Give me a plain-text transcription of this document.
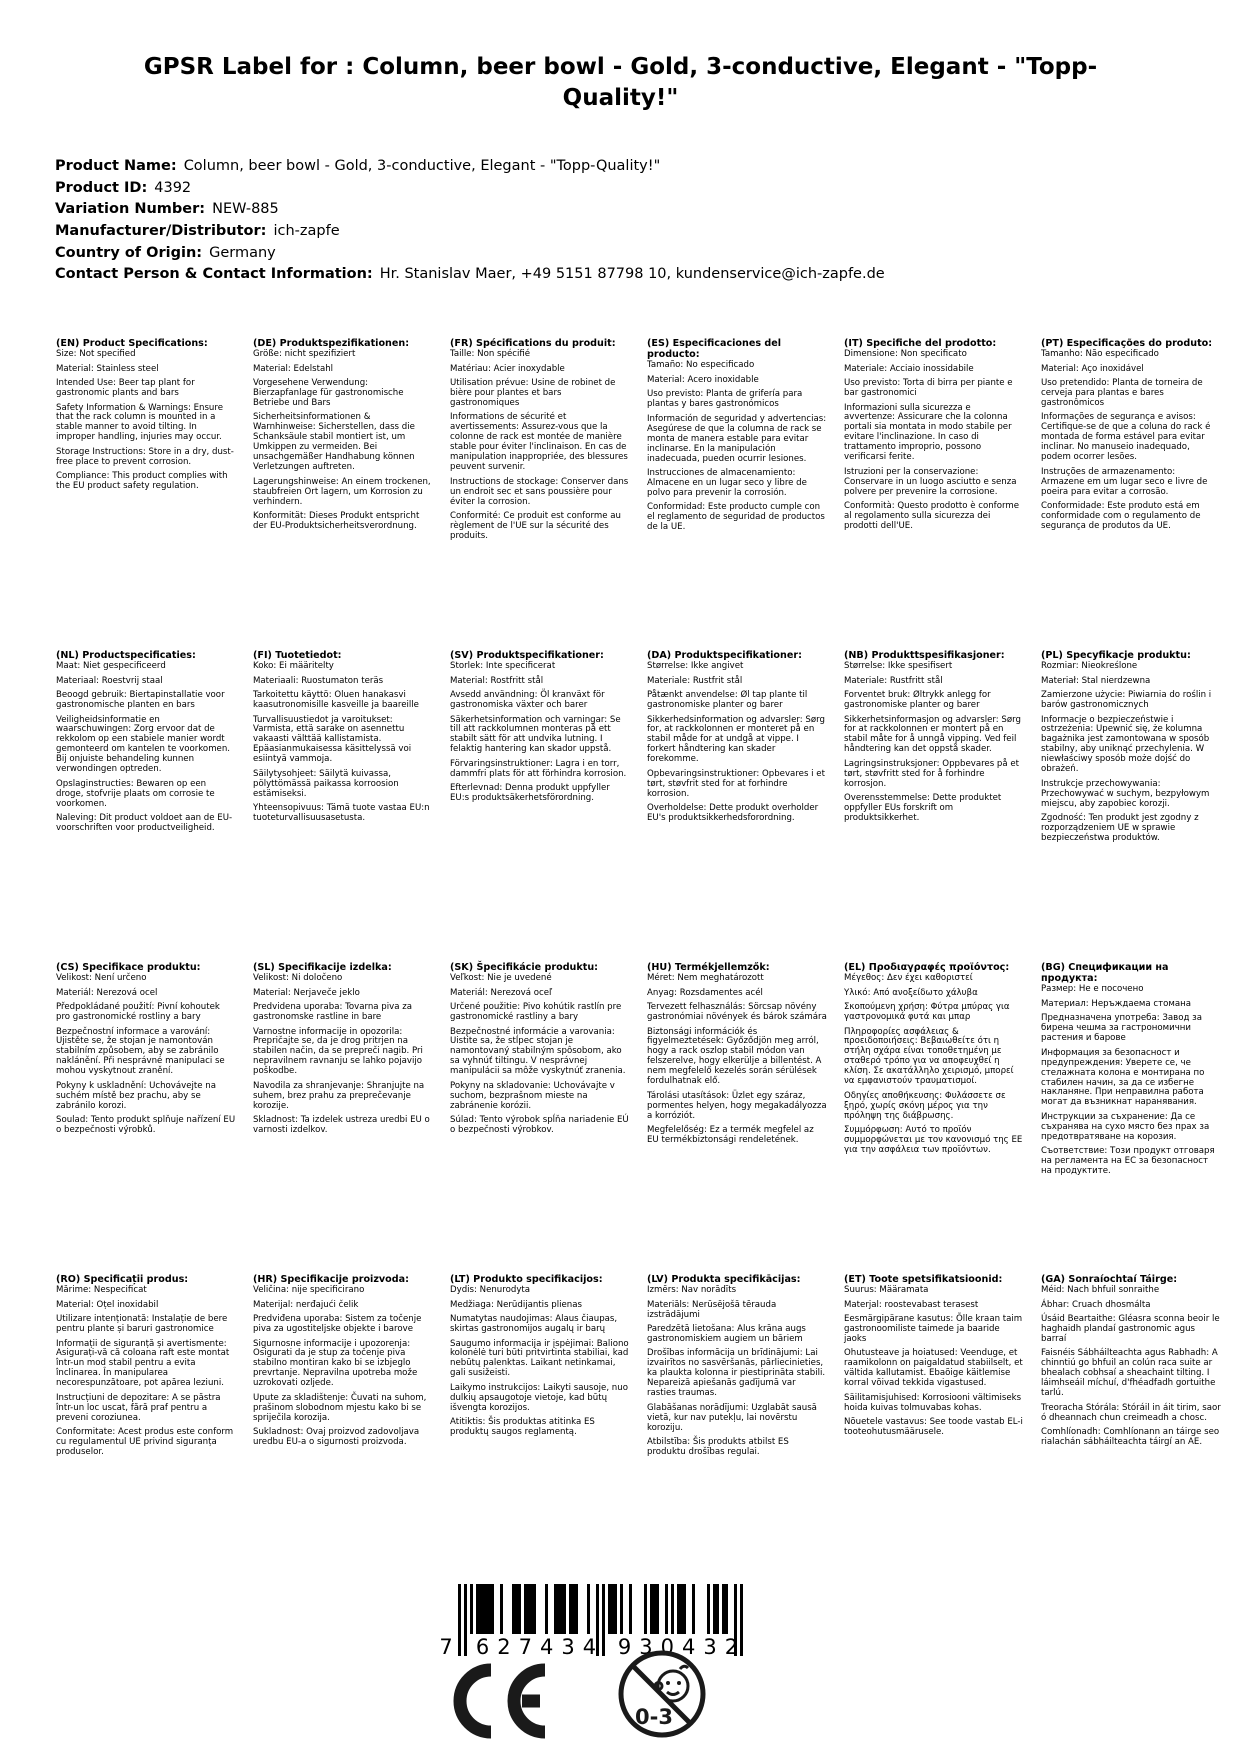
GPSR Label for : Column, beer bowl - Gold, 3-conductive, Elegant - "Topp-Quality!"
Product Name: Column, beer bowl - Gold, 3-conductive, Elegant - "Topp-Quality!"
Product ID: 4392
Variation Number: NEW-885
Manufacturer/Distributor: ich-zapfe
Country of Origin: Germany
Contact Person & Contact Information: Hr. Stanislav Maer, +49 5151 87798 10, kundenservice@ich-zapfe.de
(EN) Product Specifications:

Size: Not specified

Material: Stainless steel

Intended Use: Beer tap plant for gastronomic plants and bars

Safety Information & Warnings: Ensure that the rack column is mounted in a stable manner to avoid tilting. In improper handling, injuries may occur.

Storage Instructions: Store in a dry, dust-free place to prevent corrosion.

Compliance: This product complies with the EU product safety regulation.

(DE) Produktspezifikationen:

Größe: nicht spezifiziert

Material: Edelstahl

Vorgesehene Verwendung: Bierzapfanlage für gastronomische Betriebe und Bars

Sicherheitsinformationen & Warnhinweise: Sicherstellen, dass die Schanksäule stabil montiert ist, um Umkippen zu vermeiden. Bei unsachgemäßer Handhabung können Verletzungen auftreten.

Lagerungshinweise: An einem trockenen, staubfreien Ort lagern, um Korrosion zu verhindern.

Konformität: Dieses Produkt entspricht der EU-Produktsicherheitsverordnung.

(FR) Spécifications du produit:

Taille: Non spécifié

Matériau: Acier inoxydable

Utilisation prévue: Usine de robinet de bière pour plantes et bars gastronomiques

Informations de sécurité et avertissements: Assurez-vous que la colonne de rack est montée de manière stable pour éviter l'inclinaison. En cas de manipulation inappropriée, des blessures peuvent survenir.

Instructions de stockage: Conserver dans un endroit sec et sans poussière pour éviter la corrosion.

Conformité: Ce produit est conforme au règlement de l'UE sur la sécurité des produits.

(ES) Especificaciones del producto:

Tamaño: No especificado

Material: Acero inoxidable

Uso previsto: Planta de grifería para plantas y bares gastronómicos

Información de seguridad y advertencias: Asegúrese de que la columna de rack se monta de manera estable para evitar inclinarse. En la manipulación inadecuada, pueden ocurrir lesiones.

Instrucciones de almacenamiento: Almacene en un lugar seco y libre de polvo para prevenir la corrosión.

Conformidad: Este producto cumple con el reglamento de seguridad de productos de la UE.

(IT) Specifiche del prodotto:

Dimensione: Non specificato

Materiale: Acciaio inossidabile

Uso previsto: Torta di birra per piante e bar gastronomici

Informazioni sulla sicurezza e avvertenze: Assicurare che la colonna portali sia montata in modo stabile per evitare l'inclinazione. In caso di trattamento improprio, possono verificarsi ferite.

Istruzioni per la conservazione: Conservare in un luogo asciutto e senza polvere per prevenire la corrosione.

Conformità: Questo prodotto è conforme al regolamento sulla sicurezza dei prodotti dell'UE.

(PT) Especificações do produto:

Tamanho: Não especificado

Material: Aço inoxidável

Uso pretendido: Planta de torneira de cerveja para plantas e bares gastronômicos

Informações de segurança e avisos: Certifique-se de que a coluna do rack é montada de forma estável para evitar inclinar. No manuseio inadequado, podem ocorrer lesões.

Instruções de armazenamento: Armazene em um lugar seco e livre de poeira para evitar a corrosão.

Conformidade: Este produto está em conformidade com o regulamento de segurança de produtos da UE.

(NL) Productspecificaties:

Maat: Niet gespecificeerd

Materiaal: Roestvrij staal

Beoogd gebruik: Biertapinstallatie voor gastronomische planten en bars

Veiligheidsinformatie en waarschuwingen: Zorg ervoor dat de rekkolom op een stabiele manier wordt gemonteerd om kantelen te voorkomen. Bij onjuiste behandeling kunnen verwondingen optreden.

Opslaginstructies: Bewaren op een droge, stofvrije plaats om corrosie te voorkomen.

Naleving: Dit product voldoet aan de EU-voorschriften voor productveiligheid.

(FI) Tuotetiedot:

Koko: Ei määritelty

Materiaali: Ruostumaton teräs

Tarkoitettu käyttö: Oluen hanakasvi kaasutronomisille kasveille ja baareille

Turvallisuustiedot ja varoitukset: Varmista, että sarake on asennettu vakaasti välttää kallistamista. Epäasianmukaisessa käsittelyssä voi esiintyä vammoja.

Säilytysohjeet: Säilytä kuivassa, pölyttömässä paikassa korroosion estämiseksi.

Yhteensopivuus: Tämä tuote vastaa EU:n tuoteturvallisuusasetusta.

(SV) Produktspecifikationer:

Storlek: Inte specificerat

Material: Rostfritt stål

Avsedd användning: Öl kranväxt för gastronomiska växter och barer

Säkerhetsinformation och varningar: Se till att rackkolumnen monteras på ett stabilt sätt för att undvika lutning. I felaktig hantering kan skador uppstå.

Förvaringsinstruktioner: Lagra i en torr, dammfri plats för att förhindra korrosion.

Efterlevnad: Denna produkt uppfyller EU:s produktsäkerhetsförordning.

(DA) Produktspecifikationer:

Størrelse: Ikke angivet

Materiale: Rustfrit stål

Påtænkt anvendelse: Øl tap plante til gastronomiske planter og barer

Sikkerhedsinformation og advarsler: Sørg for, at rackkolonnen er monteret på en stabil måde for at undgå at vippe. I forkert håndtering kan skader forekomme.

Opbevaringsinstruktioner: Opbevares i et tørt, støvfrit sted for at forhindre korrosion.

Overholdelse: Dette produkt overholder EU's produktsikkerhedsforordning.

(NB) Produkttspesifikasjoner:

Størrelse: Ikke spesifisert

Materiale: Rustfritt stål

Forventet bruk: Øltrykk anlegg for gastronomiske planter og barer

Sikkerhetsinformasjon og advarsler: Sørg for at rackkolonnen er montert på en stabil måte for å unngå vipping. Ved feil håndtering kan det oppstå skader.

Lagringsinstruksjoner: Oppbevares på et tørt, støvfritt sted for å forhindre korrosjon.

Overensstemmelse: Dette produktet oppfyller EUs forskrift om produktsikkerhet.

(PL) Specyfikacje produktu:

Rozmiar: Nieokreślone

Materiał: Stal nierdzewna

Zamierzone użycie: Piwiarnia do roślin i barów gastronomicznych

Informacje o bezpieczeństwie i ostrzeżenia: Upewnić się, że kolumna bagażnika jest zamontowana w sposób stabilny, aby uniknąć przechylenia. W niewłaściwy sposób może dojść do obrażeń.

Instrukcje przechowywania: Przechowywać w suchym, bezpyłowym miejscu, aby zapobiec korozji.

Zgodność: Ten produkt jest zgodny z rozporządzeniem UE w sprawie bezpieczeństwa produktów.

(CS) Specifikace produktu:

Velikost: Není určeno

Materiál: Nerezová ocel

Předpokládané použití: Pivní kohoutek pro gastronomické rostliny a bary

Bezpečnostní informace a varování: Ujistěte se, že stojan je namontován stabilním způsobem, aby se zabránilo naklánění. Při nesprávné manipulaci se mohou vyskytnout zranění.

Pokyny k uskladnění: Uchovávejte na suchém místě bez prachu, aby se zabránilo korozi.

Soulad: Tento produkt splňuje nařízení EU o bezpečnosti výrobků.

(SL) Specifikacije izdelka:

Velikost: Ni določeno

Material: Nerjaveče jeklo

Predvidena uporaba: Tovarna piva za gastronomske rastline in bare

Varnostne informacije in opozorila: Prepričajte se, da je drog pritrjen na stabilen način, da se prepreči nagib. Pri nepravilnem ravnanju se lahko pojavijo poškodbe.

Navodila za shranjevanje: Shranjujte na suhem, brez prahu za preprečevanje korozije.

Skladnost: Ta izdelek ustreza uredbi EU o varnosti izdelkov.

(SK) Špecifikácie produktu:

Veľkost: Nie je uvedené

Materiál: Nerezová oceľ

Určené použitie: Pivo kohútik rastlín pre gastronomické rastliny a bary

Bezpečnostné informácie a varovania: Uistite sa, že stĺpec stojan je namontovaný stabilným spôsobom, ako sa vyhnúť tiltingu. V nesprávnej manipulácii sa môže vyskytnúť zranenia.

Pokyny na skladovanie: Uchovávajte v suchom, bezprašnom mieste na zabránenie korózii.

Súlad: Tento výrobok spĺňa nariadenie EÚ o bezpečnosti výrobkov.

(HU) Termékjellemzők:

Méret: Nem meghatározott

Anyag: Rozsdamentes acél

Tervezett felhasználás: Sörcsap növény gastronómiai növények és bárok számára

Biztonsági információk és figyelmeztetések: Győződjön meg arról, hogy a rack oszlop stabil módon van felszerelve, hogy elkerülje a billentést. A nem megfelelő kezelés során sérülések fordulhatnak elő.

Tárolási utasítások: Üzlet egy száraz, pormentes helyen, hogy megakadályozza a korróziót.

Megfelelőség: Ez a termék megfelel az EU termékbiztonsági rendeletének.

(EL) Προδιαγραφές προϊόντος:

Μέγεθος: Δεν έχει καθοριστεί

Υλικό: Από ανοξείδωτο χάλυβα

Σκοπούμενη χρήση: Φύτρα μπύρας για γαστρονομικά φυτά και μπαρ

Πληροφορίες ασφάλειας & προειδοποιήσεις: Βεβαιωθείτε ότι η στήλη σχάρα είναι τοποθετημένη με σταθερό τρόπο για να αποφευχθεί η κλίση. Σε ακατάλληλο χειρισμό, μπορεί να εμφανιστούν τραυματισμοί.

Οδηγίες αποθήκευσης: Φυλάσσετε σε ξηρό, χωρίς σκόνη μέρος για την πρόληψη της διάβρωσης.

Συμμόρφωση: Αυτό το προϊόν συμμορφώνεται με τον κανονισμό της ΕΕ για την ασφάλεια των προϊόντων.

(BG) Спецификации на продукта:

Размер: Не е посочено

Материал: Неръждаема стомана

Предназначена употреба: Завод за бирена чешма за гастрономични растения и барове

Информация за безопасност и предупреждения: Уверете се, че стелажната колона е монтирана по стабилен начин, за да се избегне накланяне. При неправилна работа могат да възникнат наранявания.

Инструкции за съхранение: Да се съхранява на сухо място без прах за предотвратяване на корозия.

Съответствие: Този продукт отговаря на регламента на ЕС за безопасност на продуктите.

(RO) Specificații produs:

Mărime: Nespecificat

Material: Oțel inoxidabil

Utilizare intenționată: Instalație de bere pentru plante și baruri gastronomice

Informații de siguranță și avertismente: Asigurați-vă că coloana raft este montat într-un mod stabil pentru a evita înclinarea. În manipularea necorespunzătoare, pot apărea leziuni.

Instrucțiuni de depozitare: A se păstra într-un loc uscat, fără praf pentru a preveni coroziunea.

Conformitate: Acest produs este conform cu regulamentul UE privind siguranța produselor.

(HR) Specifikacije proizvoda:

Veličina: nije specificirano

Materijal: nerđajući čelik

Predviđena uporaba: Sistem za točenje piva za ugostiteljske objekte i barove

Sigurnosne informacije i upozorenja: Osigurati da je stup za točenje piva stabilno montiran kako bi se izbjeglo prevrtanje. Nepravilna upotreba može uzrokovati ozljede.

Upute za skladištenje: Čuvati na suhom, prašinom slobodnom mjestu kako bi se spriječila korozija.

Sukladnost: Ovaj proizvod zadovoljava uredbu EU-a o sigurnosti proizvoda.

(LT) Produkto specifikacijos:

Dydis: Nenurodyta

Medžiaga: Nerūdijantis plienas

Numatytas naudojimas: Alaus čiaupas, skirtas gastronomijos augalų ir barų

Saugumo informacija ir įspėjimai: Baliono kolonėlė turi būti pritvirtinta stabiliai, kad nebūtų palenktas. Laikant netinkamai, gali susižeisti.

Laikymo instrukcijos: Laikyti sausoje, nuo dulkių apsaugotoje vietoje, kad būtų išvengta korozijos.

Atitiktis: Šis produktas atitinka ES produktų saugos reglamentą.

(LV) Produkta specifikācijas:

Izmērs: Nav norādīts

Materiāls: Nerūsējošā tērauda izstrādājumi

Paredzētā lietošana: Alus krāna augs gastronomiskiem augiem un bāriem

Drošības informācija un brīdinājumi: Lai izvairītos no sasvēršanās, pārliecinieties, ka plaukta kolonna ir piestiprināta stabili. Nepareizā apiešanās gadījumā var rasties traumas.

Glabāšanas norādījumi: Uzglabāt sausā vietā, kur nav putekļu, lai novērstu koroziju.

Atbilstība: Šis produkts atbilst ES produktu drošības regulai.

(ET) Toote spetsifikatsioonid:

Suurus: Määramata

Materjal: roostevabast terasest

Eesmärgipärane kasutus: Õlle kraan taim gastronoomiliste taimede ja baaride jaoks

Ohutusteave ja hoiatused: Veenduge, et raamikolonn on paigaldatud stabiilselt, et vältida kallutamist. Ebaõige käitlemise korral võivad tekkida vigastused.

Säilitamisjuhised: Korrosiooni vältimiseks hoida kuivas tolmuvabas kohas.

Nõuetele vastavus: See toode vastab EL-i tooteohutusmäärusele.

(GA) Sonraíochtaí Táirge:

Méid: Nach bhfuil sonraithe

Ábhar: Cruach dhosmálta

Úsáid Beartaithe: Gléasra sconna beoir le haghaidh plandaí gastronomic agus barraí

Faisnéis Sábháilteachta agus Rabhadh: A chinntiú go bhfuil an colún raca suite ar bhealach cobhsaí a sheachaint tilting. I láimhseáil míchuí, d'fhéadfadh gortuithe tarlú.

Treoracha Stórála: Stóráil in áit tirim, saor ó dheannach chun creimeadh a chosc.

Comhlíonadh: Comhlíonann an táirge seo rialachán sábháilteachta táirgí an AE.

7 627434 930432
0-3
